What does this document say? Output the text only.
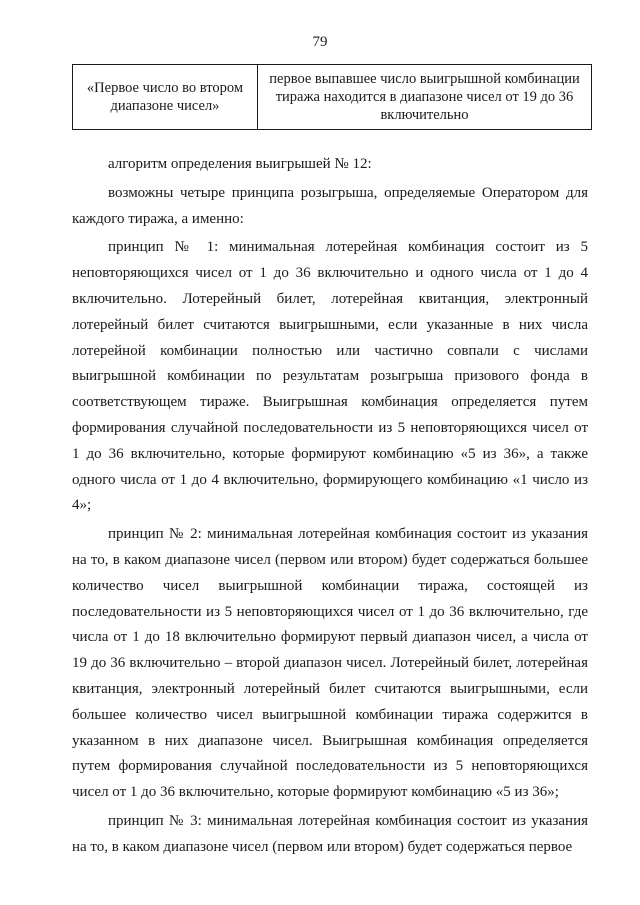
79
«Первое число во втором диапазоне чисел»	первое выпавшее число выигрышной комбинации тиража находится в диапазоне чисел от 19 до 36 включительно

алгоритм определения выигрышей № 12:

возможны четыре принципа розыгрыша, определяемые Оператором для каждого тиража, а именно:

принцип № 1: минимальная лотерейная комбинация состоит из 5 неповторяющихся чисел от 1 до 36 включительно и одного числа от 1 до 4 включительно. Лотерейный билет, лотерейная квитанция, электронный лотерейный билет считаются выигрышными, если указанные в них числа лотерейной комбинации полностью или частично совпали с числами выигрышной комбинации по результатам розыгрыша призового фонда в соответствующем тираже. Выигрышная комбинация определяется путем формирования случайной последовательности из 5 неповторяющихся чисел от 1 до 36 включительно, которые формируют комбинацию «5 из 36», а также одного числа от 1 до 4 включительно, формирующего комбинацию «1 число из 4»;

принцип № 2: минимальная лотерейная комбинация состоит из указания на то, в каком диапазоне чисел (первом или втором) будет содержаться большее количество чисел выигрышной комбинации тиража, состоящей из последовательности из 5 неповторяющихся чисел от 1 до 36 включительно, где числа от 1 до 18 включительно формируют первый диапазон чисел, а числа от 19 до 36 включительно – второй диапазон чисел. Лотерейный билет, лотерейная квитанция, электронный лотерейный билет считаются выигрышными, если большее количество чисел выигрышной комбинации тиража содержится в указанном в них диапазоне чисел. Выигрышная комбинация определяется путем формирования случайной последовательности из 5 неповторяющихся чисел от 1 до 36 включительно, которые формируют комбинацию «5 из 36»;

принцип № 3: минимальная лотерейная комбинация состоит из указания на то, в каком диапазоне чисел (первом или втором) будет содержаться первое
